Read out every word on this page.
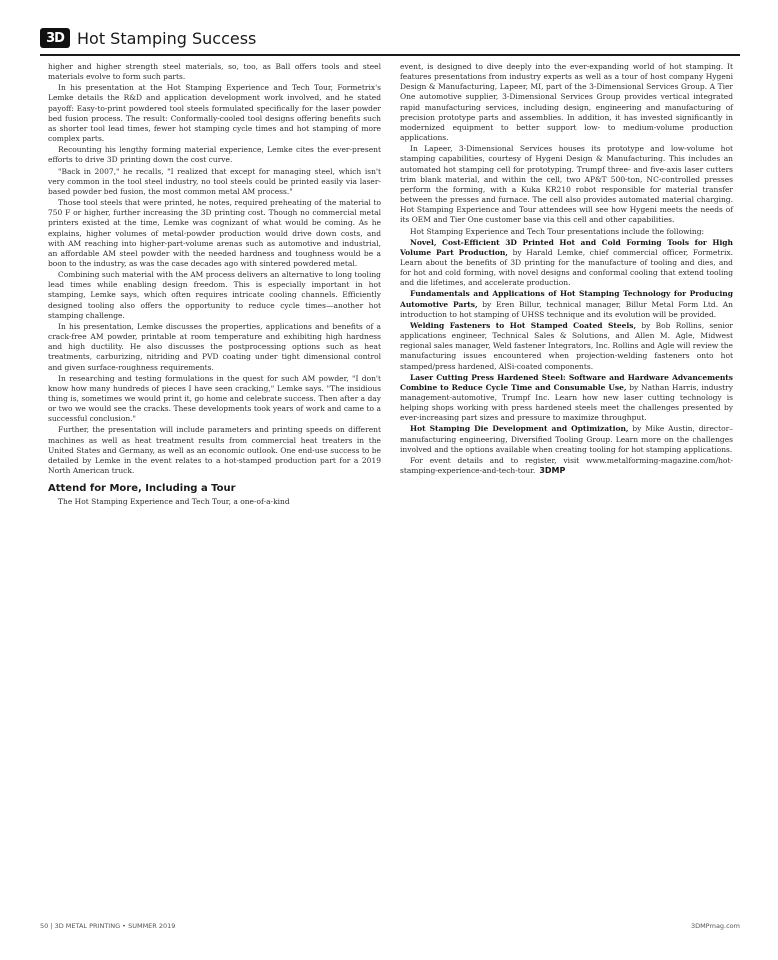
3D Hot Stamping Success

higher and higher strength steel materials, so, too, as Ball offers tools and steel materials evolve to form such parts.

In his presentation at the Hot Stamping Experience and Tech Tour, Formetrix's Lemke details the R&D and application development work involved, and he stated payoff: Easy-to-print powdered tool steels formulated specifically for the laser powder bed fusion process. The result: Conformally-cooled tool designs offering benefits such as shorter tool lead times, fewer hot stamping cycle times and hot stamping of more complex parts.

Recounting his lengthy forming material experience, Lemke cites the ever-present efforts to drive 3D printing down the cost curve.

"Back in 2007," he recalls, "I realized that except for managing steel, which isn't very common in the tool steel industry, no tool steels could be printed easily via laser-based powder bed fusion, the most common metal AM process."

Those tool steels that were printed, he notes, required preheating of the material to 750 F or higher, further increasing the 3D printing cost. Though no commercial metal printers existed at the time, Lemke was cognizant of what would be coming. As he explains, higher volumes of metal-powder production would drive down costs, and with AM reaching into higher-part-volume arenas such as automotive and industrial, an affordable AM steel powder with the needed hardness and toughness would be a boon to the industry, as was the case decades ago with sintered powdered metal.

Combining such material with the AM process delivers an alternative to long tooling lead times while enabling design freedom. This is especially important in hot stamping, Lemke says, which often requires intricate cooling channels. Efficiently designed tooling also offers the opportunity to reduce cycle times—another hot stamping challenge.

In his presentation, Lemke discusses the properties, applications and benefits of a crack-free AM powder, printable at room temperature and exhibiting high hardness and high ductility. He also discusses the postprocessing options such as heat treatments, carburizing, nitriding and PVD coating under tight dimensional control and given surface-roughness requirements.

In researching and testing formulations in the quest for such AM powder, "I don't know how many hundreds of pieces I have seen cracking," Lemke says. "The insidious thing is, sometimes we would print it, go home and celebrate success. Then after a day or two we would see the cracks. These developments took years of work and came to a successful conclusion."

Further, the presentation will include parameters and printing speeds on different machines as well as heat treatment results from commercial heat treaters in the United States and Germany, as well as an economic outlook. One end-use success to be detailed by Lemke in the event relates to a hot-stamped production part for a 2019 North American truck.

Attend for More, Including a Tour

The Hot Stamping Experience and Tech Tour, a one-of-a-kind

event, is designed to dive deeply into the ever-expanding world of hot stamping. It features presentations from industry experts as well as a tour of host company Hygeni Design & Manufacturing, Lapeer, MI, part of the 3-Dimensional Services Group. A Tier One automotive supplier, 3-Dimensional Services Group provides vertical integrated rapid manufacturing services, including design, engineering and manufacturing of precision prototype parts and assemblies. In addition, it has invested significantly in modernized equipment to better support low- to medium-volume production applications.

In Lapeer, 3-Dimensional Services houses its prototype and low-volume hot stamping capabilities, courtesy of Hygeni Design & Manufacturing. This includes an automated hot stamping cell for prototyping. Trumpf three- and five-axis laser cutters trim blank material, and within the cell, two AP&T 500-ton, NC-controlled presses perform the forming, with a Kuka KR210 robot responsible for material transfer between the presses and furnace. The cell also provides automated material charging. Hot Stamping Experience and Tour attendees will see how Hygeni meets the needs of its OEM and Tier One customer base via this cell and other capabilities.

Hot Stamping Experience and Tech Tour presentations include the following:

Novel, Cost-Efficient 3D Printed Hot and Cold Forming Tools for High Volume Part Production, by Harald Lemke, chief commercial officer, Formetrix. Learn about the benefits of 3D printing for the manufacture of tooling and dies, and for hot and cold forming, with novel designs and conformal cooling that extend tooling and die lifetimes, and accelerate production.

Fundamentals and Applications of Hot Stamping Technology for Producing Automotive Parts, by Eren Billur, technical manager, Billur Metal Form Ltd. An introduction to hot stamping of UHSS technique and its evolution will be provided.

Welding Fasteners to Hot Stamped Coated Steels, by Bob Rollins, senior applications engineer, Technical Sales & Solutions, and Allen M. Agle, Midwest regional sales manager, Weld fastener Integrators, Inc. Rollins and Agle will review the manufacturing issues encountered when projection-welding fasteners onto hot stamped/press hardened, AlSi-coated components.

Laser Cutting Press Hardened Steel: Software and Hardware Advancements Combine to Reduce Cycle Time and Consumable Use, by Nathan Harris, industry management-automotive, Trumpf Inc. Learn how new laser cutting technology is helping shops working with press hardened steels meet the challenges presented by ever-increasing part sizes and pressure to maximize throughput.

Hot Stamping Die Development and Optimization, by Mike Austin, director–manufacturing engineering, Diversified Tooling Group. Learn more on the challenges involved and the options available when creating tooling for hot stamping applications.

For event details and to register, visit www.metalforming-magazine.com/hot-stamping-experience-and-tech-tour. 3DMP

50 | 3D METAL PRINTING • SUMMER 2019	3DMPmag.com
